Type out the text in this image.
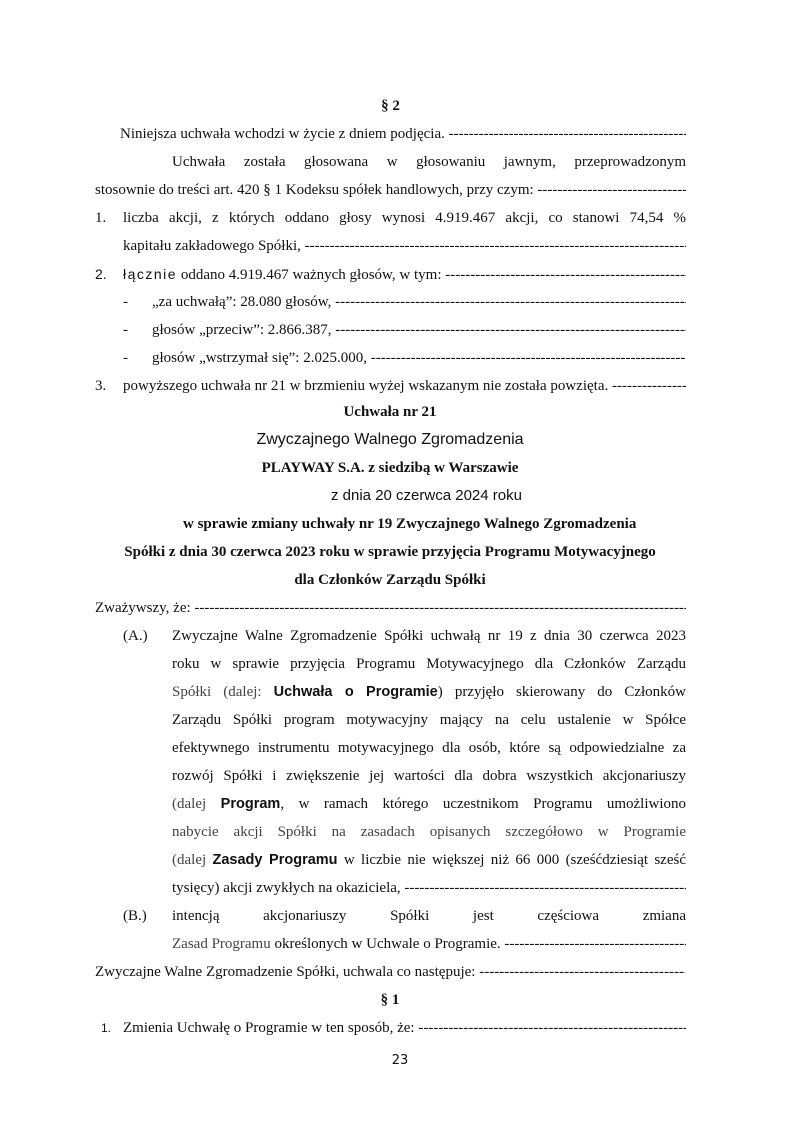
§ 2
Niniejsza uchwała wchodzi w życie z dniem podjęcia. -----
Uchwała została głosowana w głosowaniu jawnym, przeprowadzonym
stosownie do treści art. 420 § 1 Kodeksu spółek handlowych, przy czym: -----
1. liczba akcji, z których oddano głosy wynosi 4.919.467 akcji, co stanowi 74,54 %
kapitału zakładowego Spółki, -----
2. łącznie oddano 4.919.467 ważnych głosów, w tym: -----
- „za uchwałą”: 28.080 głosów, -----
- głosów „przeciw”: 2.866.387, -----
- głosów „wstrzymał się”: 2.025.000, -----
3. powyższego uchwała nr 21 w brzmieniu wyżej wskazanym nie została powzięta. -----
Uchwała nr 21
Zwyczajnego Walnego Zgromadzenia
PLAYWAY S.A. z siedzibą w Warszawie
z dnia 20 czerwca 2024 roku
w sprawie zmiany uchwały nr 19 Zwyczajnego Walnego Zgromadzenia
Spółki z dnia 30 czerwca 2023 roku w sprawie przyjęcia Programu Motywacyjnego
dla Członków Zarządu Spółki
Zważywszy, że: -----
(A.) Zwyczajne Walne Zgromadzenie Spółki uchwałą nr 19 z dnia 30 czerwca 2023
roku w sprawie przyjęcia Programu Motywacyjnego dla Członków Zarządu
Spółki (dalej: Uchwała o Programie) przyjęło skierowany do Członków
Zarządu Spółki program motywacyjny mający na celu ustalenie w Spółce
efektywnego instrumentu motywacyjnego dla osób, które są odpowiedzialne za
rozwój Spółki i zwiększenie jej wartości dla dobra wszystkich akcjonariuszy
(dalej Program, w ramach którego uczestnikom Programu umożliwiono
nabycie akcji Spółki na zasadach opisanych szczegółowo w Programie
(dalej Zasady Programu w liczbie nie większej niż 66 000 (sześćdziesiąt sześć
tysięcy) akcji zwykłych na okaziciela, -----
(B.) intencją akcjonariuszy Spółki jest częściowa zmiana
Zasad Programu określonych w Uchwale o Programie. -----
Zwyczajne Walne Zgromadzenie Spółki, uchwala co następuje: -----
§ 1
1. Zmienia Uchwałę o Programie w ten sposób, że: -----
23
